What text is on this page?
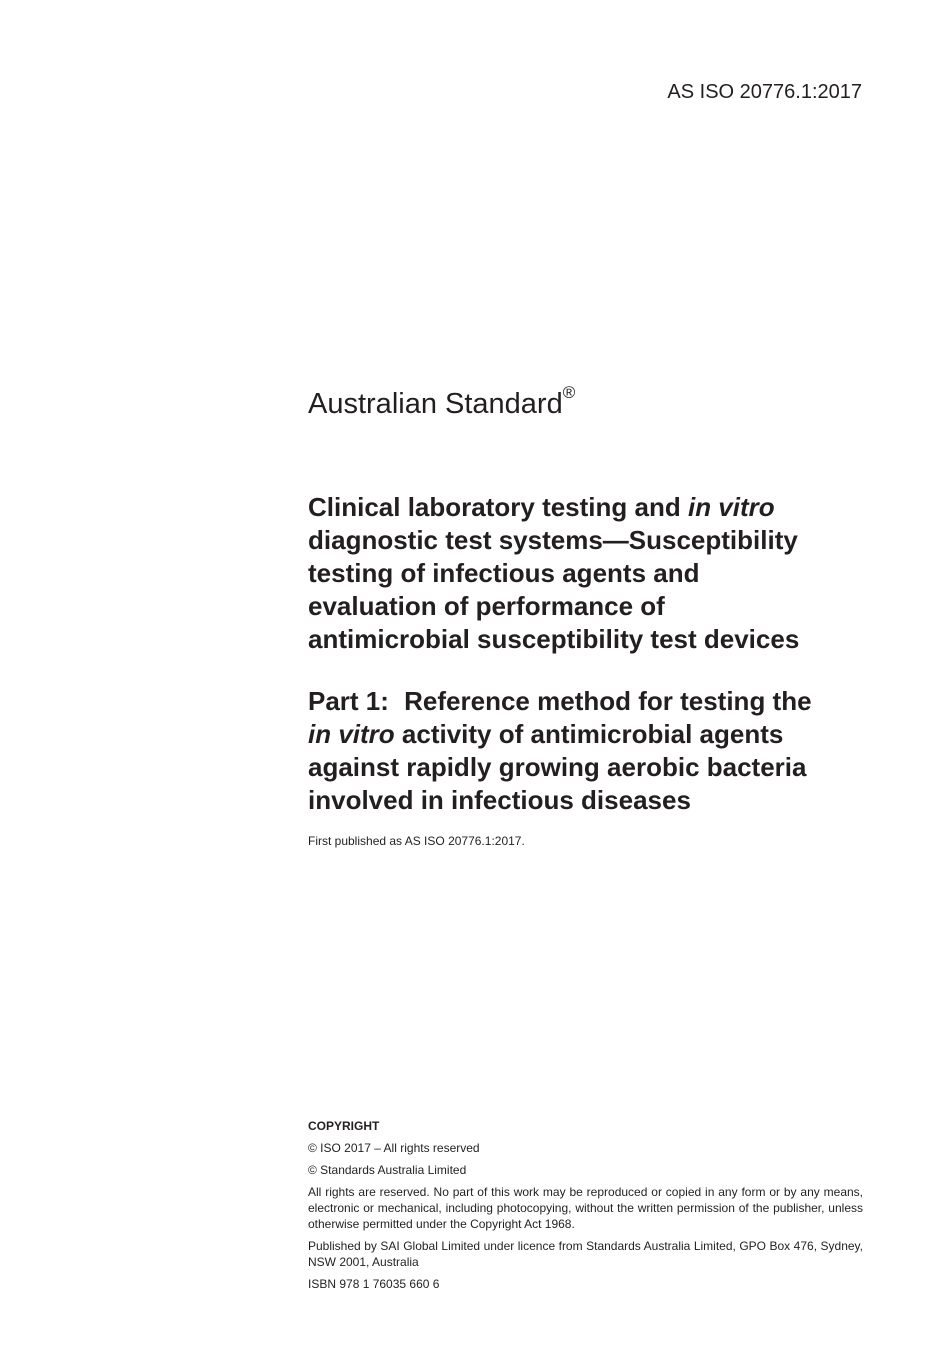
AS ISO 20776.1:2017
Australian Standard®
Clinical laboratory testing and in vitro
diagnostic test systems—Susceptibility
testing of infectious agents and
evaluation of performance of
antimicrobial susceptibility test devices
Part 1: Reference method for testing the
in vitro activity of antimicrobial agents
against rapidly growing aerobic bacteria
involved in infectious diseases
First published as AS ISO 20776.1:2017.

COPYRIGHT

© ISO 2017 – All rights reserved

© Standards Australia Limited

All rights are reserved. No part of this work may be reproduced or copied in any form or by any means, electronic or mechanical, including photocopying, without the written permission of the publisher, unless otherwise permitted under the Copyright Act 1968.

Published by SAI Global Limited under licence from Standards Australia Limited, GPO Box 476, Sydney, NSW 2001, Australia

ISBN 978 1 76035 660 6
